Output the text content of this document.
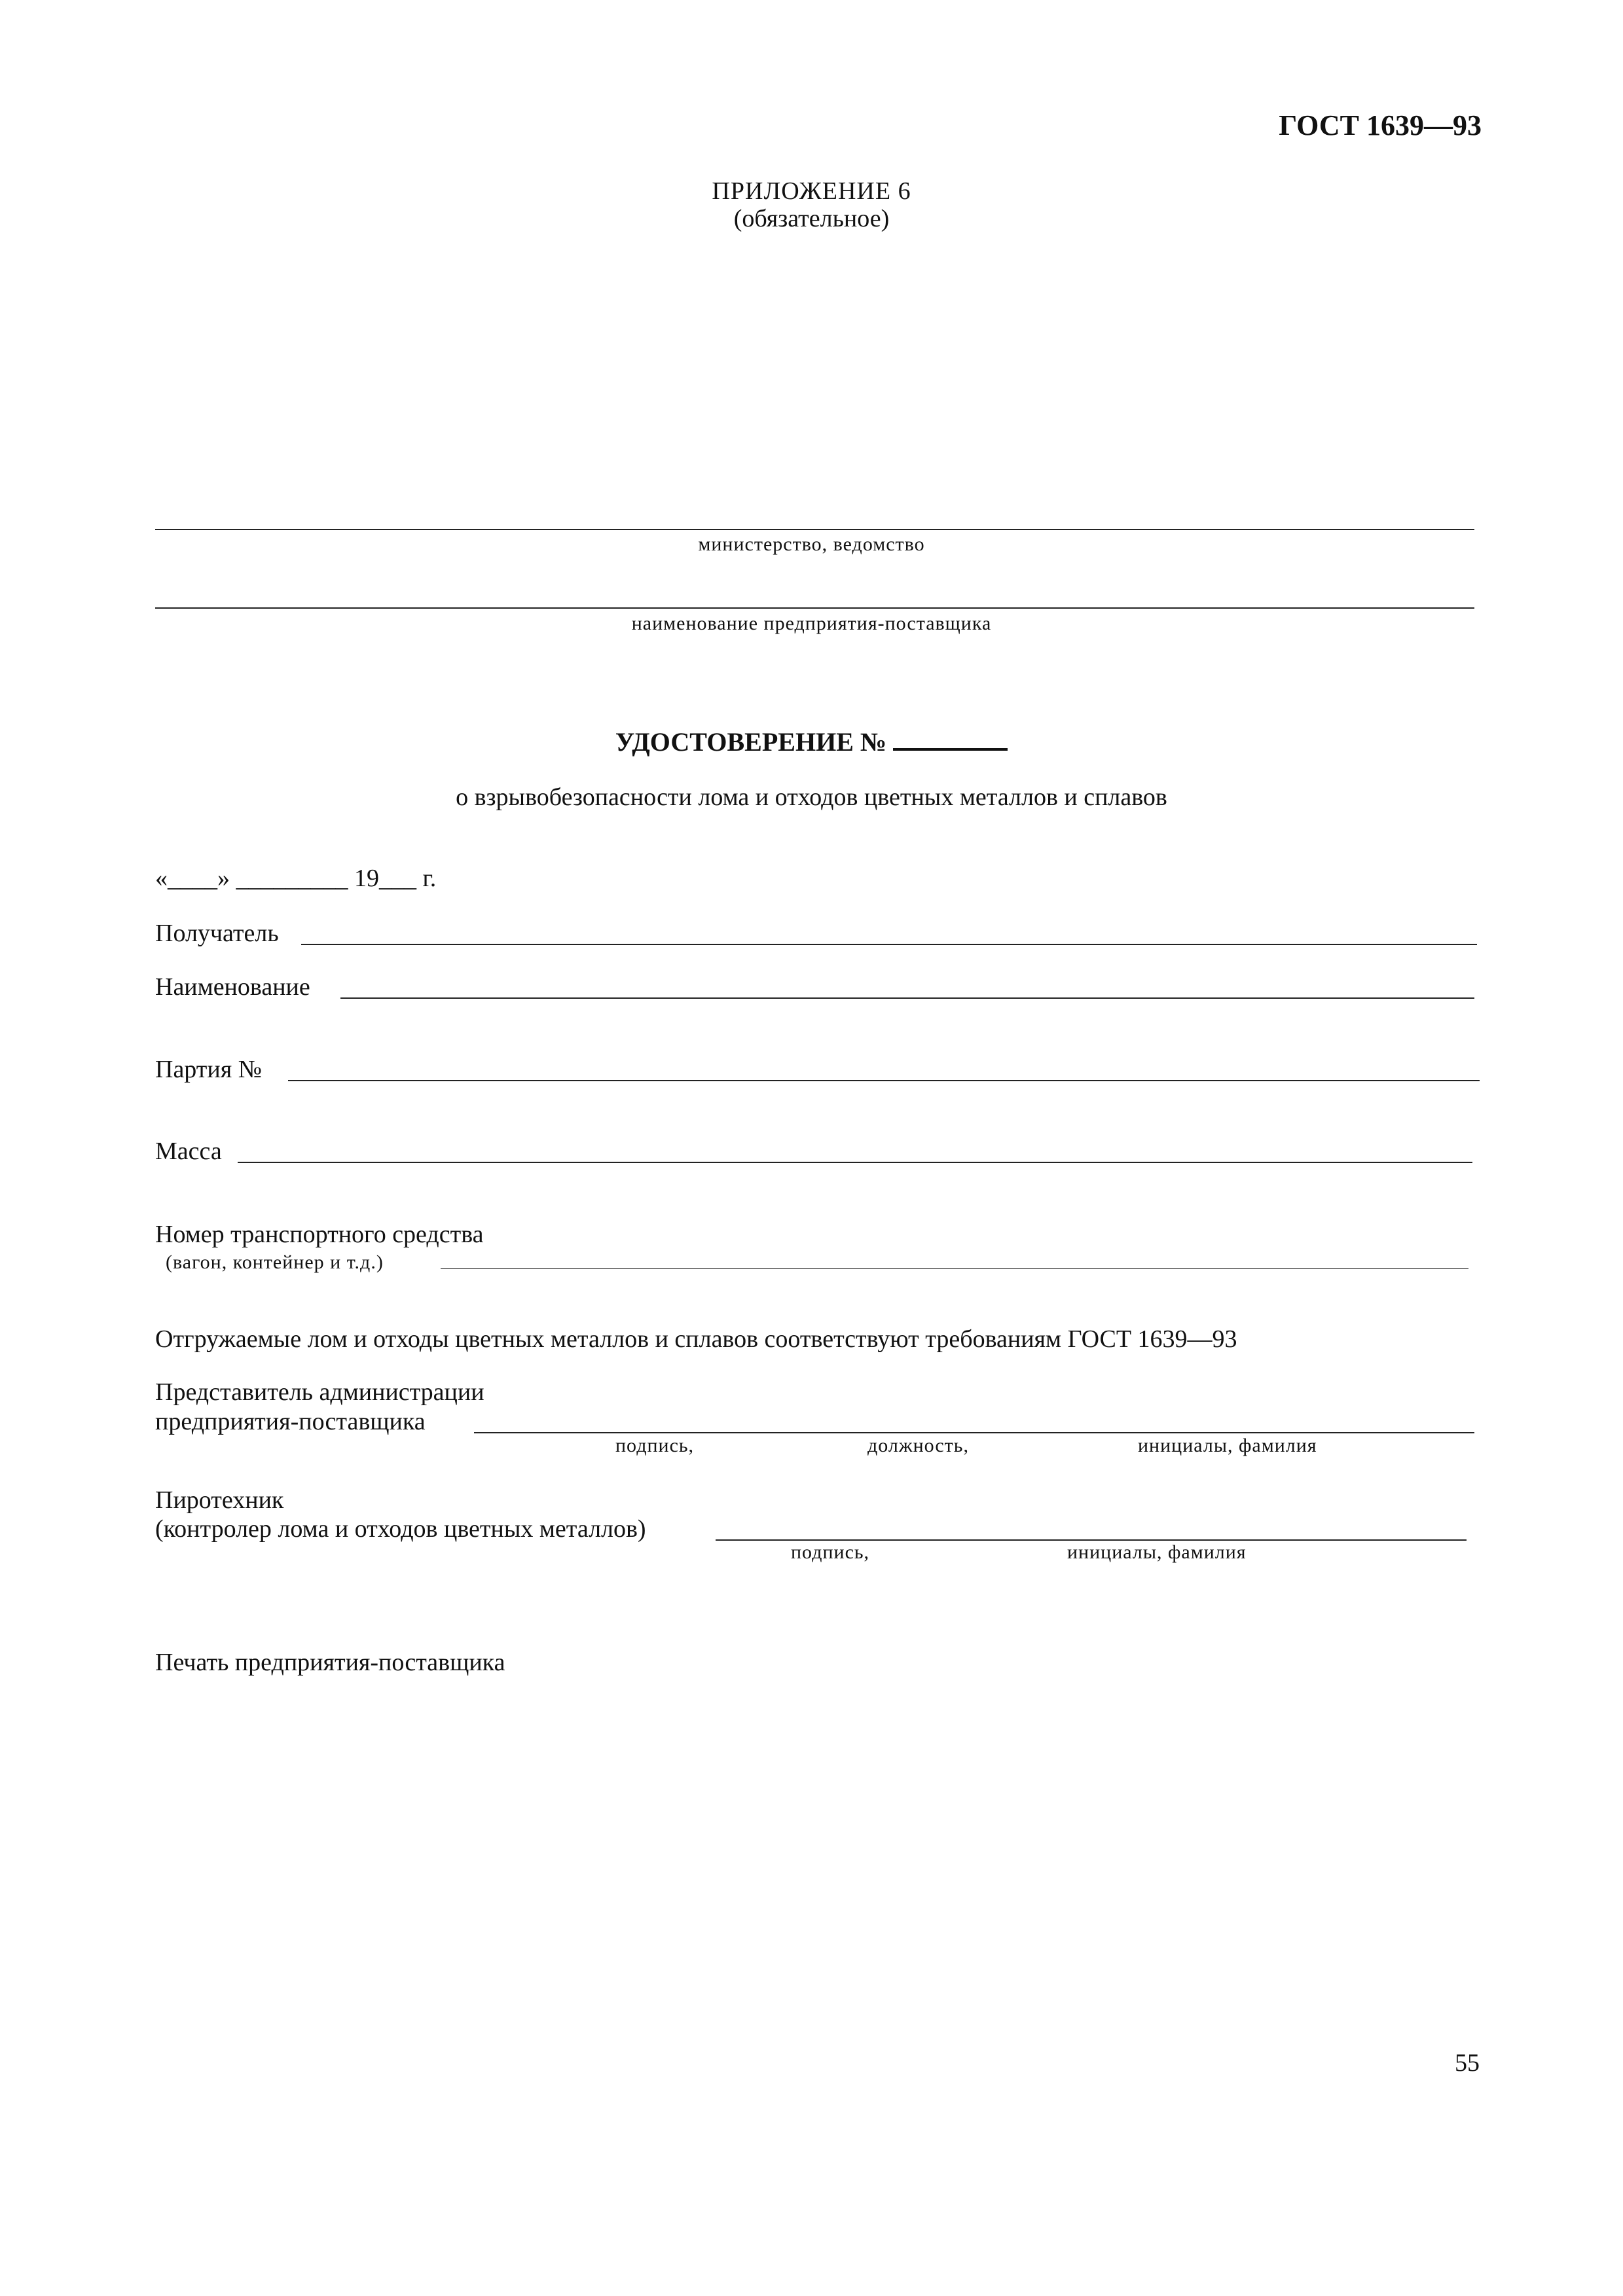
ГОСТ 1639—93
ПРИЛОЖЕНИЕ 6
(обязательное)
министерство, ведомство
наименование предприятия-поставщика
УДОСТОВЕРЕНИЕ №
о взрывобезопасности лома и отходов цветных металлов и сплавов
«____» _________ 19___ г.
Получатель
Наименование
Партия №
Масса
Номер транспортного средства
(вагон, контейнер и т.д.)
Отгружаемые лом и отходы цветных металлов и сплавов соответствуют требованиям ГОСТ 1639—93
Представитель администрации
предприятия-поставщика
подпись,	должность,	инициалы, фамилия
Пиротехник
(контролер лома и отходов цветных металлов)
подпись,	инициалы, фамилия
Печать предприятия-поставщика
55
